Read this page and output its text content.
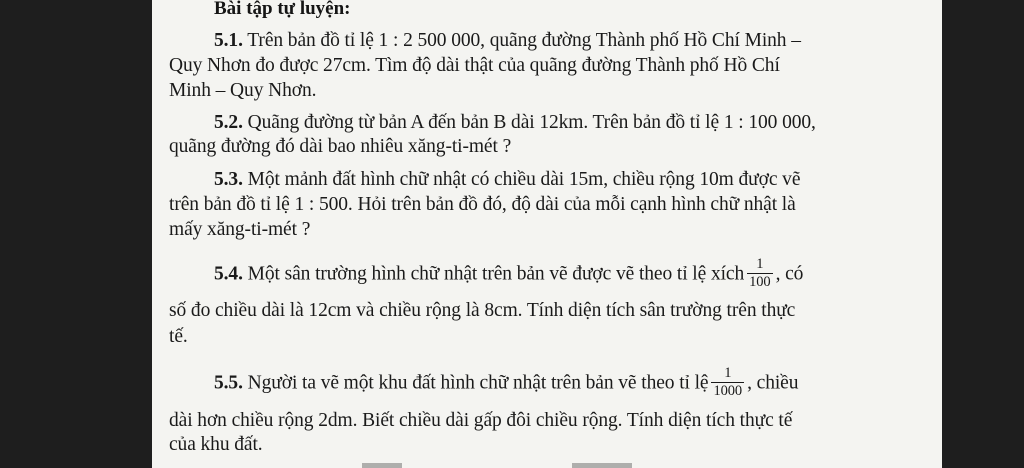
Bài tập tự luyện:
5.1. Trên bản đồ tỉ lệ 1 : 2 500 000, quãng đường Thành phố Hồ Chí Minh –
Quy Nhơn đo được 27cm. Tìm độ dài thật của quãng đường Thành phố Hồ Chí
Minh – Quy Nhơn.
5.2. Quãng đường từ bản A đến bản B dài 12km. Trên bản đồ tỉ lệ 1 : 100 000,
quãng đường đó dài bao nhiêu xăng-ti-mét ?
5.3. Một mảnh đất hình chữ nhật có chiều dài 15m, chiều rộng 10m được vẽ
trên bản đồ tỉ lệ 1 : 500. Hỏi trên bản đồ đó, độ dài của mỗi cạnh hình chữ nhật là
mấy xăng-ti-mét ?
5.4. Một sân trường hình chữ nhật trên bản vẽ được vẽ theo tỉ lệ xích $\frac{1}{100}$ , có
số đo chiều dài là 12cm và chiều rộng là 8cm. Tính diện tích sân trường trên thực
tế.
5.5. Người ta vẽ một khu đất hình chữ nhật trên bản vẽ theo tỉ lệ $\frac{1}{1000}$ , chiều
dài hơn chiều rộng 2dm. Biết chiều dài gấp đôi chiều rộng. Tính diện tích thực tế
của khu đất.
